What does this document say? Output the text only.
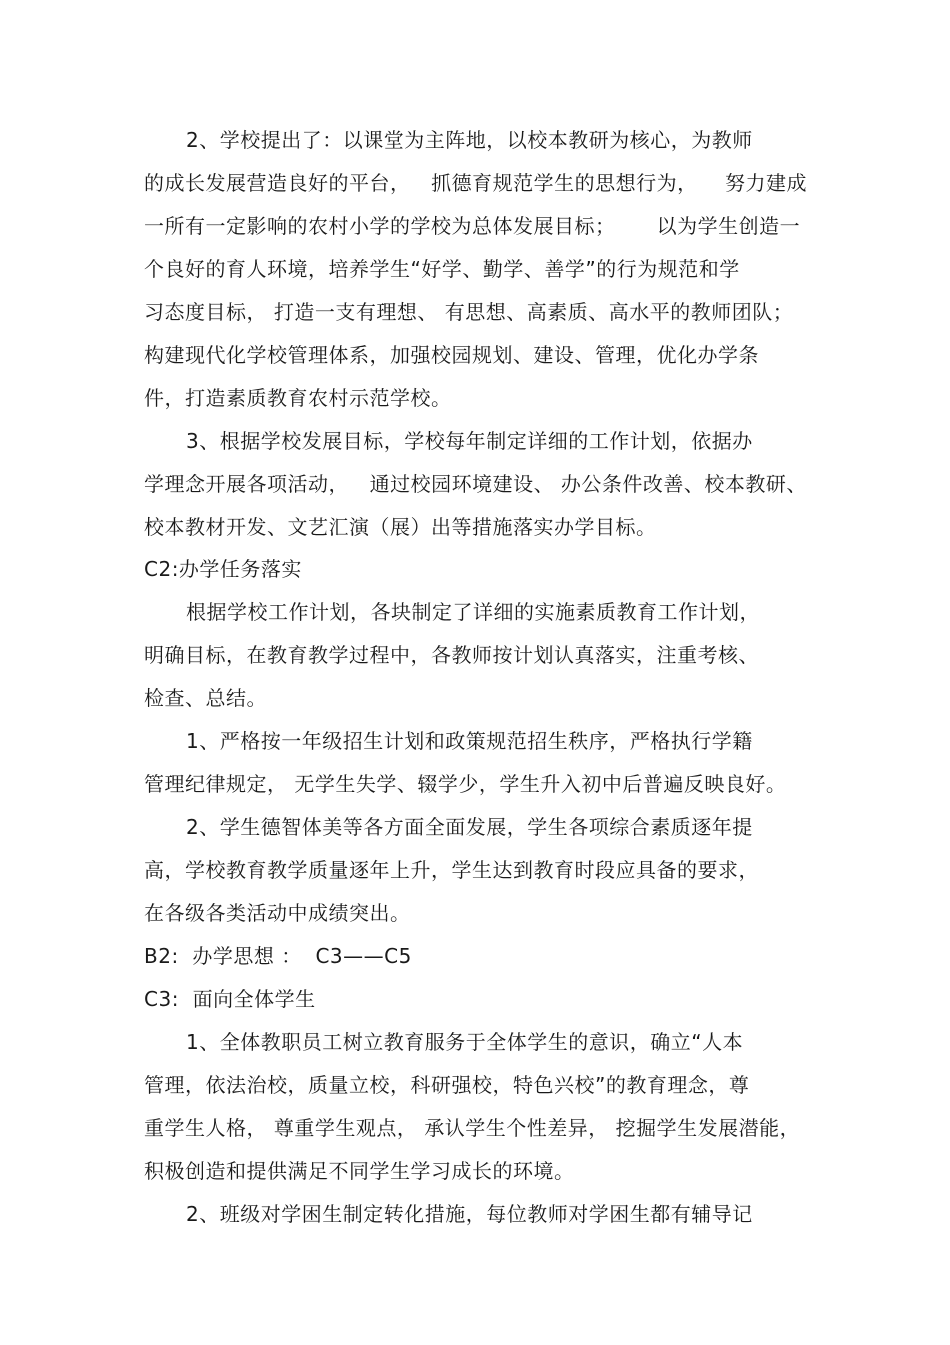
2、学校提出了：以课堂为主阵地，以校本教研为核心，为教师
的成长发展营造良好的平台，   抓德育规范学生的思想行为，    努力建成
一所有一定影响的农村小学的学校为总体发展目标；      以为学生创造一
个良好的育人环境，培养学生“好学、勤学、善学”的行为规范和学
习态度目标， 打造一支有理想、 有思想、高素质、高水平的教师团队；
构建现代化学校管理体系，加强校园规划、建设、管理，优化办学条
件，打造素质教育农村示范学校。
3、根据学校发展目标，学校每年制定详细的工作计划，依据办
学理念开展各项活动，   通过校园环境建设、 办公条件改善、校本教研、
校本教材开发、文艺汇演（展）出等措施落实办学目标。
C2:办学任务落实
根据学校工作计划，各块制定了详细的实施素质教育工作计划，
明确目标，在教育教学过程中，各教师按计划认真落实，注重考核、
检查、总结。
1、严格按一年级招生计划和政策规范招生秩序，严格执行学籍
管理纪律规定， 无学生失学、辍学少，学生升入初中后普遍反映良好。
2、学生德智体美等各方面全面发展，学生各项综合素质逐年提
高，学校教育教学质量逐年上升，学生达到教育时段应具备的要求，
在各级各类活动中成绩突出。
B2:  办学思想 ：  C3——C5
C3:  面向全体学生
1、全体教职员工树立教育服务于全体学生的意识，确立“人本
管理，依法治校，质量立校，科研强校，特色兴校”的教育理念，尊
重学生人格， 尊重学生观点， 承认学生个性差异， 挖掘学生发展潜能，
积极创造和提供满足不同学生学习成长的环境。
2、班级对学困生制定转化措施，每位教师对学困生都有辅导记
